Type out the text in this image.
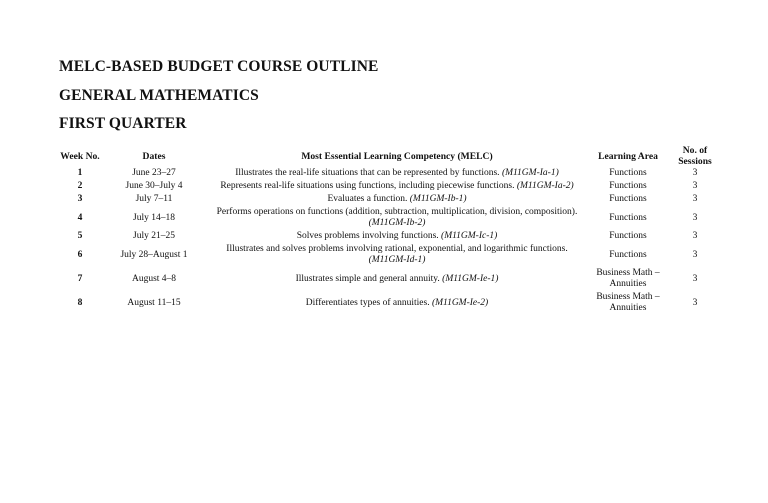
MELC-BASED BUDGET COURSE OUTLINE
GENERAL MATHEMATICS
FIRST QUARTER
Week No.	Dates	Most Essential Learning Competency (MELC)	Learning Area	No. of Sessions
1	June 23–27	Illustrates the real-life situations that can be represented by functions. (M11GM-Ia-1)	Functions	3
2	June 30–July 4	Represents real-life situations using functions, including piecewise functions. (M11GM-Ia-2)	Functions	3
3	July 7–11	Evaluates a function. (M11GM-Ib-1)	Functions	3
4	July 14–18	Performs operations on functions (addition, subtraction, multiplication, division, composition). (M11GM-Ib-2)	Functions	3
5	July 21–25	Solves problems involving functions. (M11GM-Ic-1)	Functions	3
6	July 28–August 1	Illustrates and solves problems involving rational, exponential, and logarithmic functions. (M11GM-Id-1)	Functions	3
7	August 4–8	Illustrates simple and general annuity. (M11GM-Ie-1)	Business Math – Annuities	3
8	August 11–15	Differentiates types of annuities. (M11GM-Ie-2)	Business Math – Annuities	3
